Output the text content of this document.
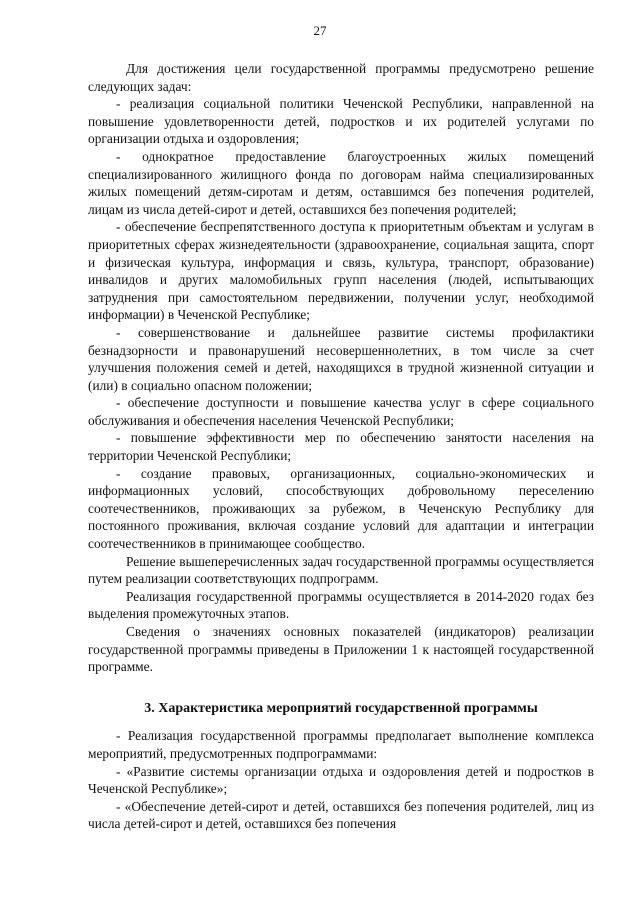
27

Для достижения цели государственной программы предусмотрено решение следующих задач:

- реализация социальной политики Чеченской Республики, направленной на повышение удовлетворенности детей, подростков и их родителей услугами по организации отдыха и оздоровления;

- однократное предоставление благоустроенных жилых помещений специализированного жилищного фонда по договорам найма специализированных жилых помещений детям-сиротам и детям, оставшимся без попечения родителей, лицам из числа детей-сирот и детей, оставшихся без попечения родителей;

- обеспечение беспрепятственного доступа к приоритетным объектам и услугам в приоритетных сферах жизнедеятельности (здравоохранение, социальная защита, спорт и физическая культура, информация и связь, культура, транспорт, образование) инвалидов и других маломобильных групп населения (людей, испытывающих затруднения при самостоятельном передвижении, получении услуг, необходимой информации) в Чеченской Республике;

- совершенствование и дальнейшее развитие системы профилактики безнадзорности и правонарушений несовершеннолетних, в том числе за счет улучшения положения семей и детей, находящихся в трудной жизненной ситуации и (или) в социально опасном положении;

- обеспечение доступности и повышение качества услуг в сфере социального обслуживания и обеспечения населения Чеченской Республики;

- повышение эффективности мер по обеспечению занятости населения на территории Чеченской Республики;

- создание правовых, организационных, социально-экономических и информационных условий, способствующих добровольному переселению соотечественников, проживающих за рубежом, в Чеченскую Республику для постоянного проживания, включая создание условий для адаптации и интеграции соотечественников в принимающее сообщество.

Решение вышеперечисленных задач государственной программы осуществляется путем реализации соответствующих подпрограмм.

Реализация государственной программы осуществляется в 2014-2020 годах без выделения промежуточных этапов.

Сведения о значениях основных показателей (индикаторов) реализации государственной программы приведены в Приложении 1 к настоящей государственной программе.

3. Характеристика мероприятий государственной программы

- Реализация государственной программы предполагает выполнение комплекса мероприятий, предусмотренных подпрограммами:

- «Развитие системы организации отдыха и оздоровления детей и подростков в Чеченской Республике»;

- «Обеспечение детей-сирот и детей, оставшихся без попечения родителей, лиц из числа детей-сирот и детей, оставшихся без попечения
